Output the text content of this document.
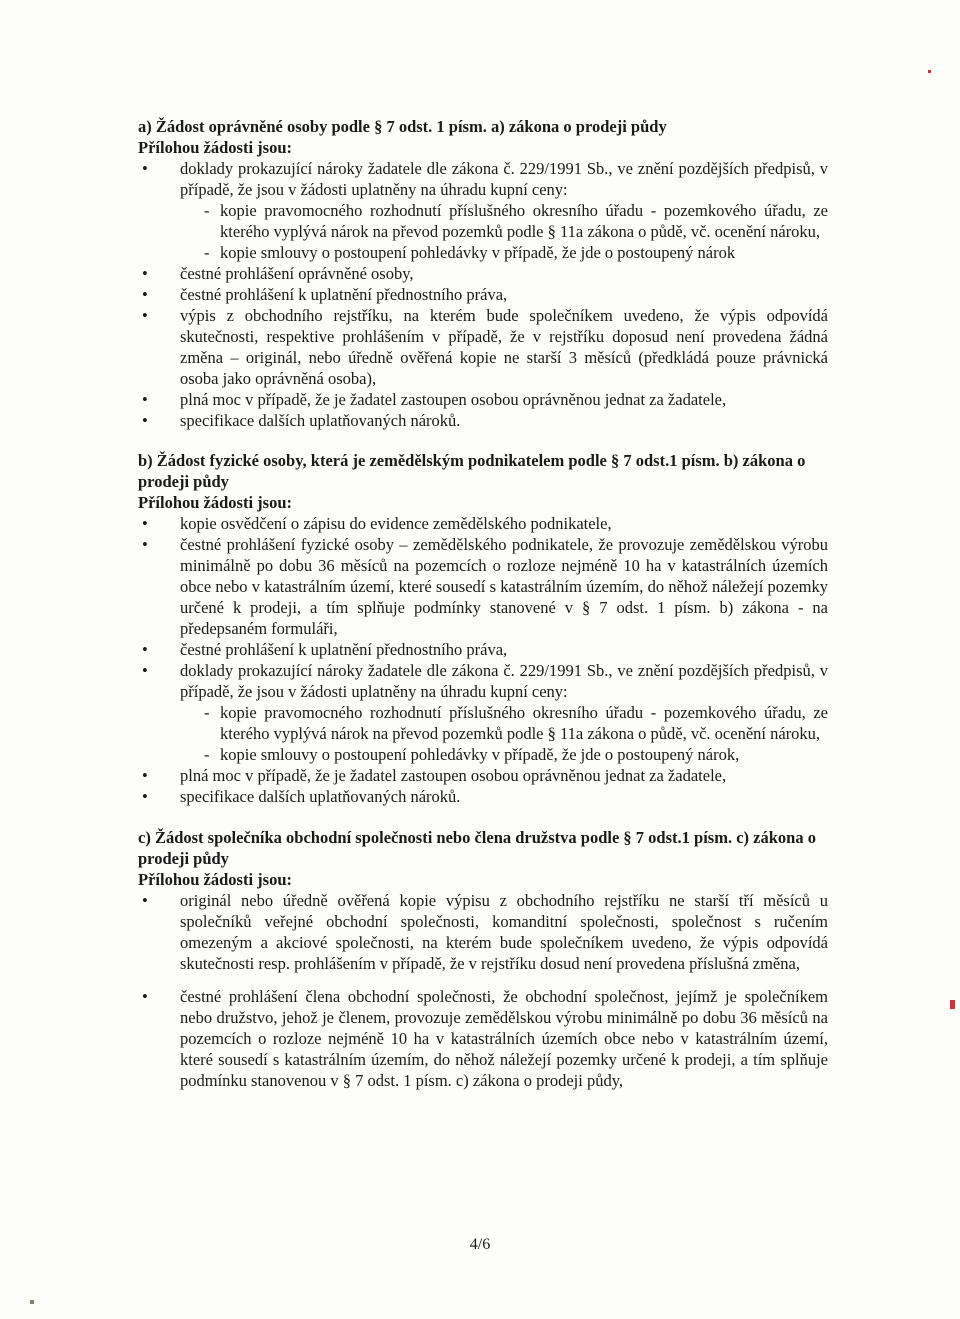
a) Žádost oprávněné osoby podle § 7 odst. 1 písm. a) zákona o prodeji půdy

Přílohou žádosti jsou:

• doklady prokazující nároky žadatele dle zákona č. 229/1991 Sb., ve znění pozdějších předpisů, v případě, že jsou v žádosti uplatněny na úhradu kupní ceny:
- kopie pravomocného rozhodnutí příslušného okresního úřadu - pozemkového úřadu, ze kterého vyplývá nárok na převod pozemků podle § 11a zákona o půdě, vč. ocenění nároku,
- kopie smlouvy o postoupení pohledávky v případě, že jde o postoupený nárok
• čestné prohlášení oprávněné osoby,
• čestné prohlášení k uplatnění přednostního práva,
• výpis z obchodního rejstříku, na kterém bude společníkem uvedeno, že výpis odpovídá skutečnosti, respektive prohlášením v případě, že v rejstříku doposud není provedena žádná změna – originál, nebo úředně ověřená kopie ne starší 3 měsíců (předkládá pouze právnická osoba jako oprávněná osoba),
• plná moc v případě, že je žadatel zastoupen osobou oprávněnou jednat za žadatele,
• specifikace dalších uplatňovaných nároků.

b) Žádost fyzické osoby, která je zemědělským podnikatelem podle § 7 odst.1 písm. b) zákona o prodeji půdy

Přílohou žádosti jsou:

• kopie osvědčení o zápisu do evidence zemědělského podnikatele,
• čestné prohlášení fyzické osoby – zemědělského podnikatele, že provozuje zemědělskou výrobu minimálně po dobu 36 měsíců na pozemcích o rozloze nejméně 10 ha v katastrálních územích obce nebo v katastrálním území, které sousedí s katastrálním územím, do něhož náležejí pozemky určené k prodeji, a tím splňuje podmínky stanovené v § 7 odst. 1 písm. b) zákona - na předepsaném formuláři,
• čestné prohlášení k uplatnění přednostního práva,
• doklady prokazující nároky žadatele dle zákona č. 229/1991 Sb., ve znění pozdějších předpisů, v případě, že jsou v žádosti uplatněny na úhradu kupní ceny:
- kopie pravomocného rozhodnutí příslušného okresního úřadu - pozemkového úřadu, ze kterého vyplývá nárok na převod pozemků podle § 11a zákona o půdě, vč. ocenění nároku,
- kopie smlouvy o postoupení pohledávky v případě, že jde o postoupený nárok,
• plná moc v případě, že je žadatel zastoupen osobou oprávněnou jednat za žadatele,
• specifikace dalších uplatňovaných nároků.

c) Žádost společníka obchodní společnosti nebo člena družstva podle § 7 odst.1 písm. c) zákona o prodeji půdy

Přílohou žádosti jsou:

• originál nebo úředně ověřená kopie výpisu z obchodního rejstříku ne starší tří měsíců u společníků veřejné obchodní společnosti, komanditní společnosti, společnost s ručením omezeným a akciové společnosti, na kterém bude společníkem uvedeno, že výpis odpovídá skutečnosti resp. prohlášením v případě, že v rejstříku dosud není provedena příslušná změna,
• čestné prohlášení člena obchodní společnosti, že obchodní společnost, jejímž je společníkem nebo družstvo, jehož je členem, provozuje zemědělskou výrobu minimálně po dobu 36 měsíců na pozemcích o rozloze nejméně 10 ha v katastrálních územích obce nebo v katastrálním území, které sousedí s katastrálním územím, do něhož náležejí pozemky určené k prodeji, a tím splňuje podmínku stanovenou v § 7 odst. 1 písm. c) zákona o prodeji půdy,
4/6
